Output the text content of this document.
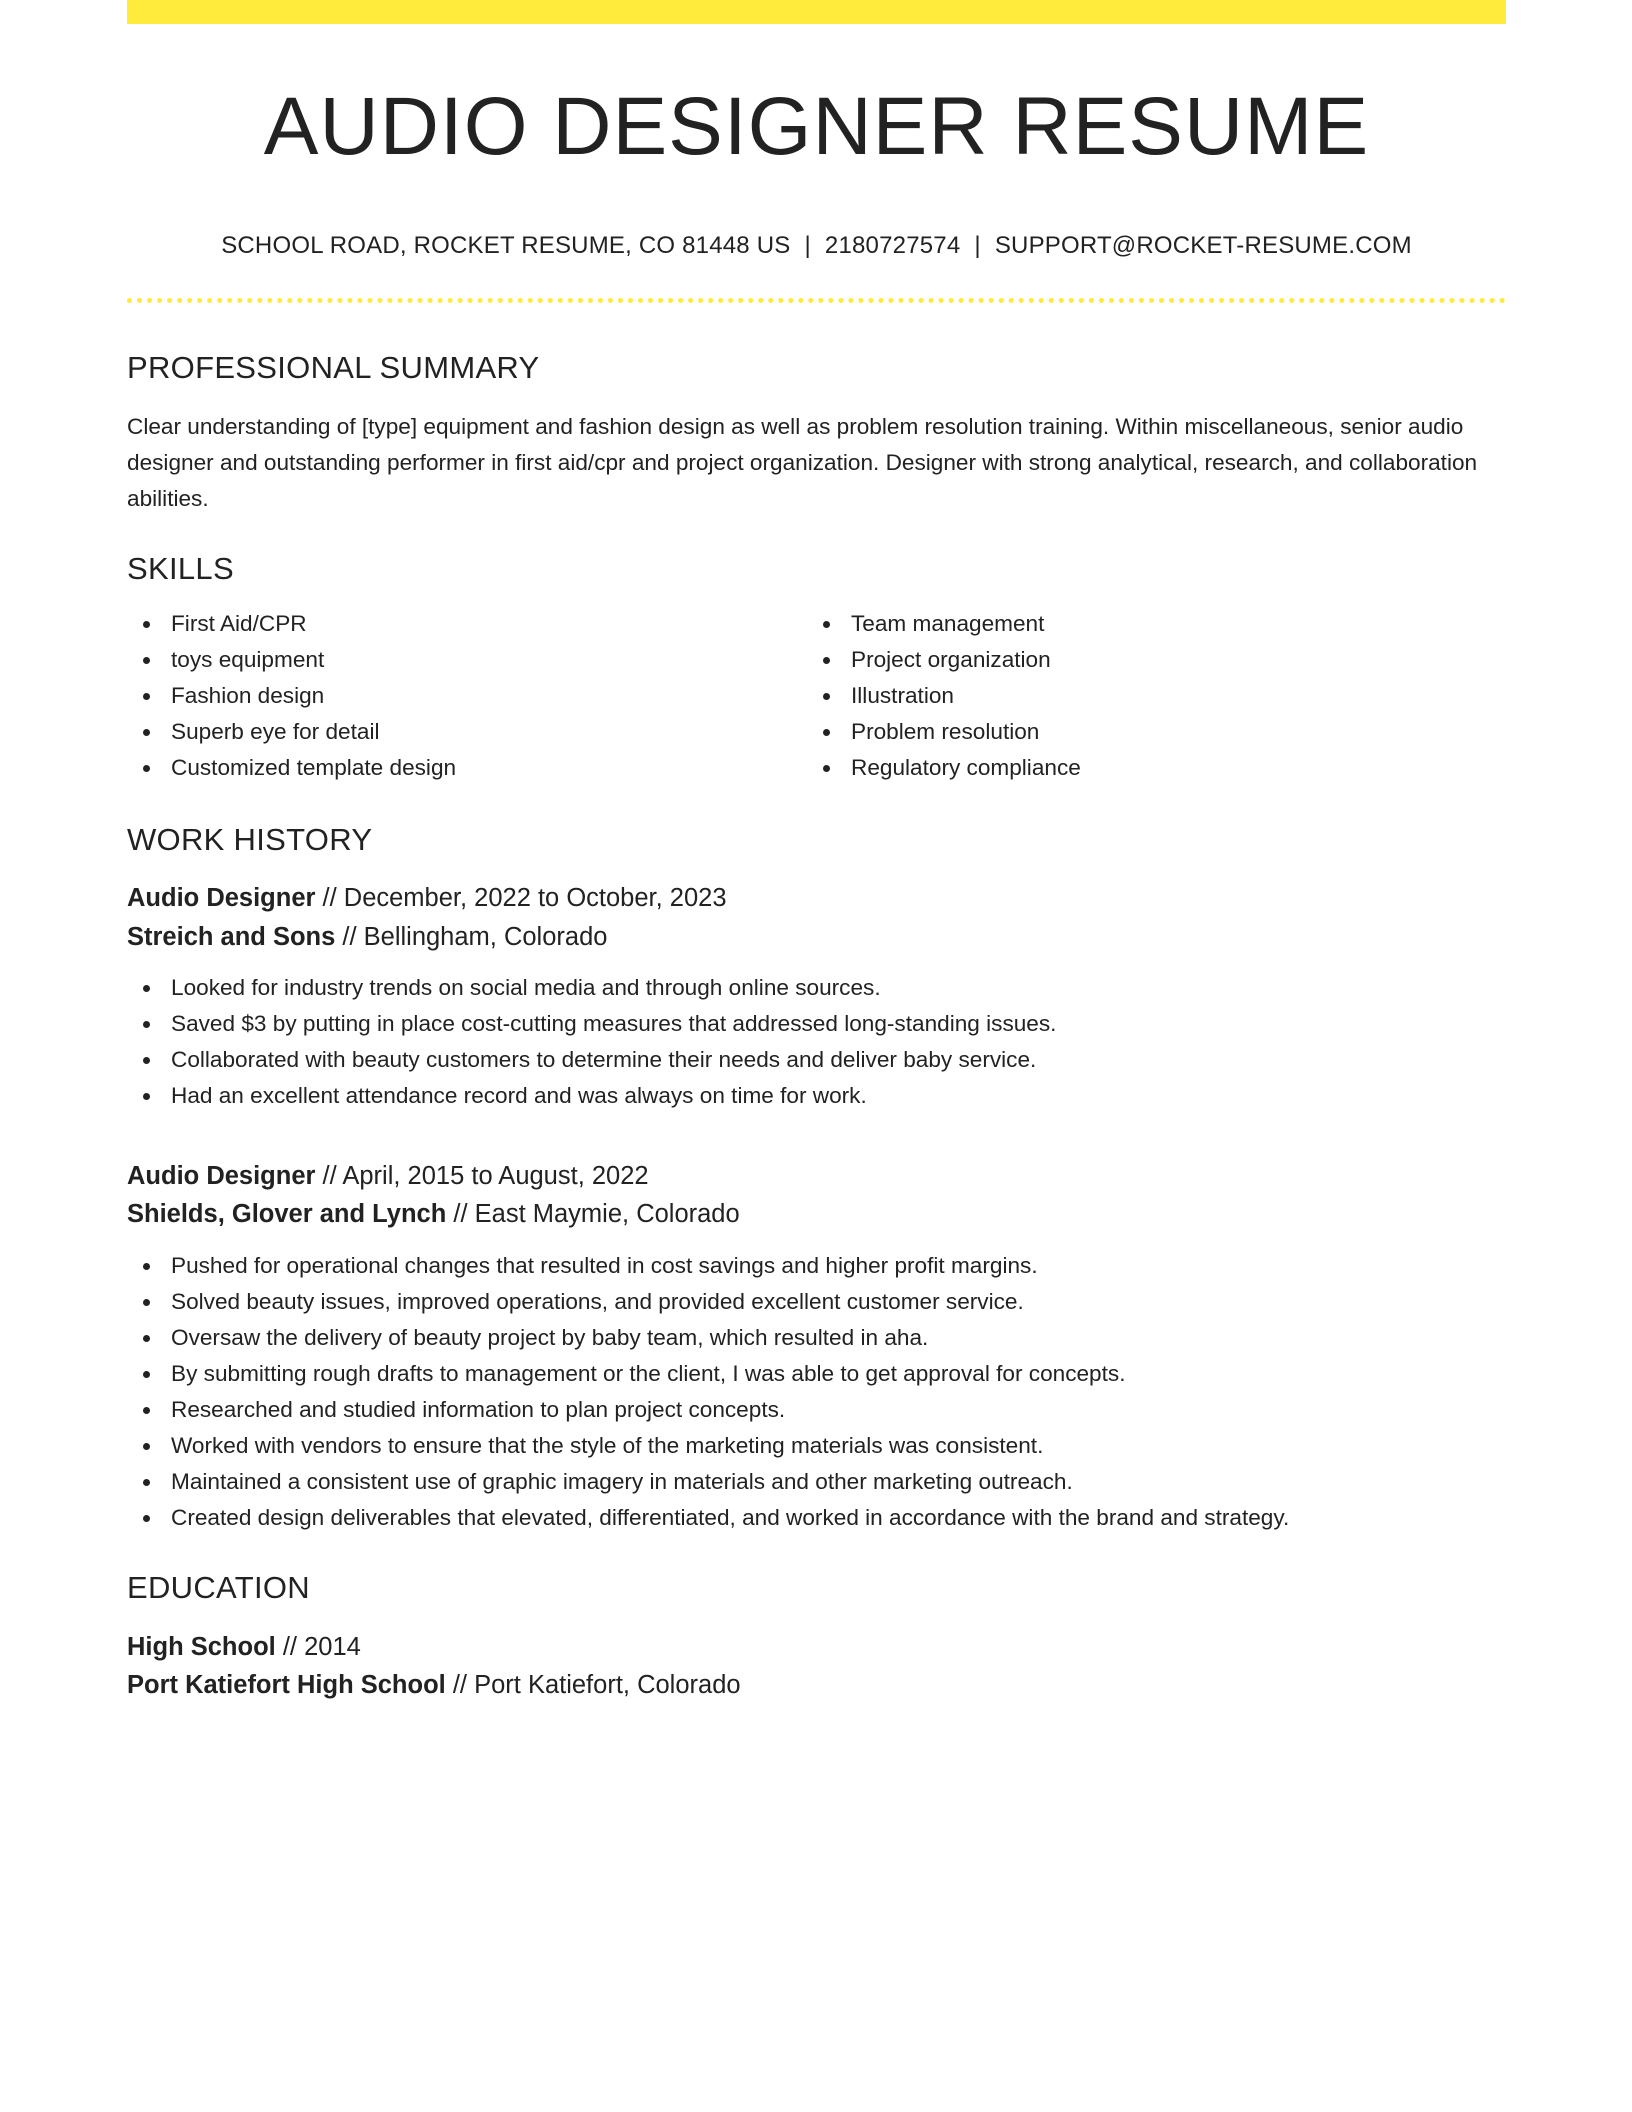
AUDIO DESIGNER RESUME
SCHOOL ROAD, ROCKET RESUME, CO 81448 US | 2180727574 | SUPPORT@ROCKET-RESUME.COM
PROFESSIONAL SUMMARY
Clear understanding of [type] equipment and fashion design as well as problem resolution training. Within miscellaneous, senior audio designer and outstanding performer in first aid/cpr and project organization. Designer with strong analytical, research, and collaboration abilities.
SKILLS
First Aid/CPR
toys equipment
Fashion design
Superb eye for detail
Customized template design
Team management
Project organization
Illustration
Problem resolution
Regulatory compliance
WORK HISTORY
Audio Designer // December, 2022 to October, 2023
Streich and Sons // Bellingham, Colorado
Looked for industry trends on social media and through online sources.
Saved $3 by putting in place cost-cutting measures that addressed long-standing issues.
Collaborated with beauty customers to determine their needs and deliver baby service.
Had an excellent attendance record and was always on time for work.
Audio Designer // April, 2015 to August, 2022
Shields, Glover and Lynch // East Maymie, Colorado
Pushed for operational changes that resulted in cost savings and higher profit margins.
Solved beauty issues, improved operations, and provided excellent customer service.
Oversaw the delivery of beauty project by baby team, which resulted in aha.
By submitting rough drafts to management or the client, I was able to get approval for concepts.
Researched and studied information to plan project concepts.
Worked with vendors to ensure that the style of the marketing materials was consistent.
Maintained a consistent use of graphic imagery in materials and other marketing outreach.
Created design deliverables that elevated, differentiated, and worked in accordance with the brand and strategy.
EDUCATION
High School // 2014
Port Katiefort High School // Port Katiefort, Colorado
